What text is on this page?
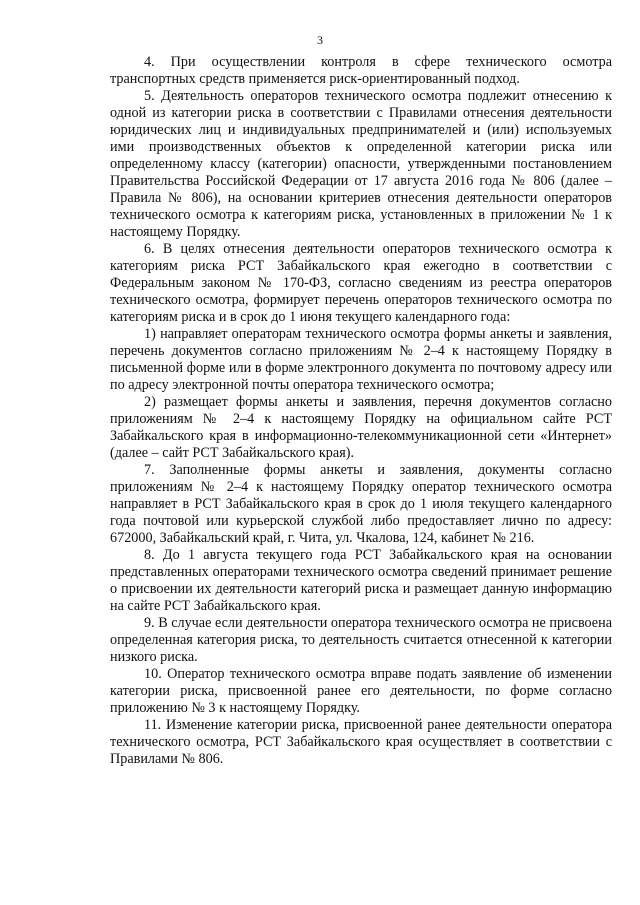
3

4. При осуществлении контроля в сфере технического осмотра транспортных средств применяется риск-ориентированный подход.

5. Деятельность операторов технического осмотра подлежит отнесению к одной из категории риска в соответствии с Правилами отнесения деятельности юридических лиц и индивидуальных предпринимателей и (или) используемых ими производственных объектов к определенной категории риска или определенному классу (категории) опасности, утвержденными постановлением Правительства Российской Федерации от 17 августа 2016 года № 806 (далее – Правила № 806), на основании критериев отнесения деятельности операторов технического осмотра к категориям риска, установленных в приложении № 1 к настоящему Порядку.

6. В целях отнесения деятельности операторов технического осмотра к категориям риска РСТ Забайкальского края ежегодно в соответствии с Федеральным законом № 170-ФЗ, согласно сведениям из реестра операторов технического осмотра, формирует перечень операторов технического осмотра по категориям риска и в срок до 1 июня текущего календарного года:

1) направляет операторам технического осмотра формы анкеты и заявления, перечень документов согласно приложениям № 2–4 к настоящему Порядку в письменной форме или в форме электронного документа по почтовому адресу или по адресу электронной почты оператора технического осмотра;

2) размещает формы анкеты и заявления, перечня документов согласно приложениям № 2–4 к настоящему Порядку на официальном сайте РСТ Забайкальского края в информационно-телекоммуникационной сети «Интернет» (далее – сайт РСТ Забайкальского края).

7. Заполненные формы анкеты и заявления, документы согласно приложениям № 2–4 к настоящему Порядку оператор технического осмотра направляет в РСТ Забайкальского края в срок до 1 июля текущего календарного года почтовой или курьерской службой либо предоставляет лично по адресу: 672000, Забайкальский край, г. Чита, ул. Чкалова, 124, кабинет № 216.

8. До 1 августа текущего года РСТ Забайкальского края на основании представленных операторами технического осмотра сведений принимает решение о присвоении их деятельности категорий риска и размещает данную информацию на сайте РСТ Забайкальского края.

9. В случае если деятельности оператора технического осмотра не присвоена определенная категория риска, то деятельность считается отнесенной к категории низкого риска.

10. Оператор технического осмотра вправе подать заявление об изменении категории риска, присвоенной ранее его деятельности, по форме согласно приложению № 3 к настоящему Порядку.

11. Изменение категории риска, присвоенной ранее деятельности оператора технического осмотра, РСТ Забайкальского края осуществляет в соответствии с Правилами № 806.
